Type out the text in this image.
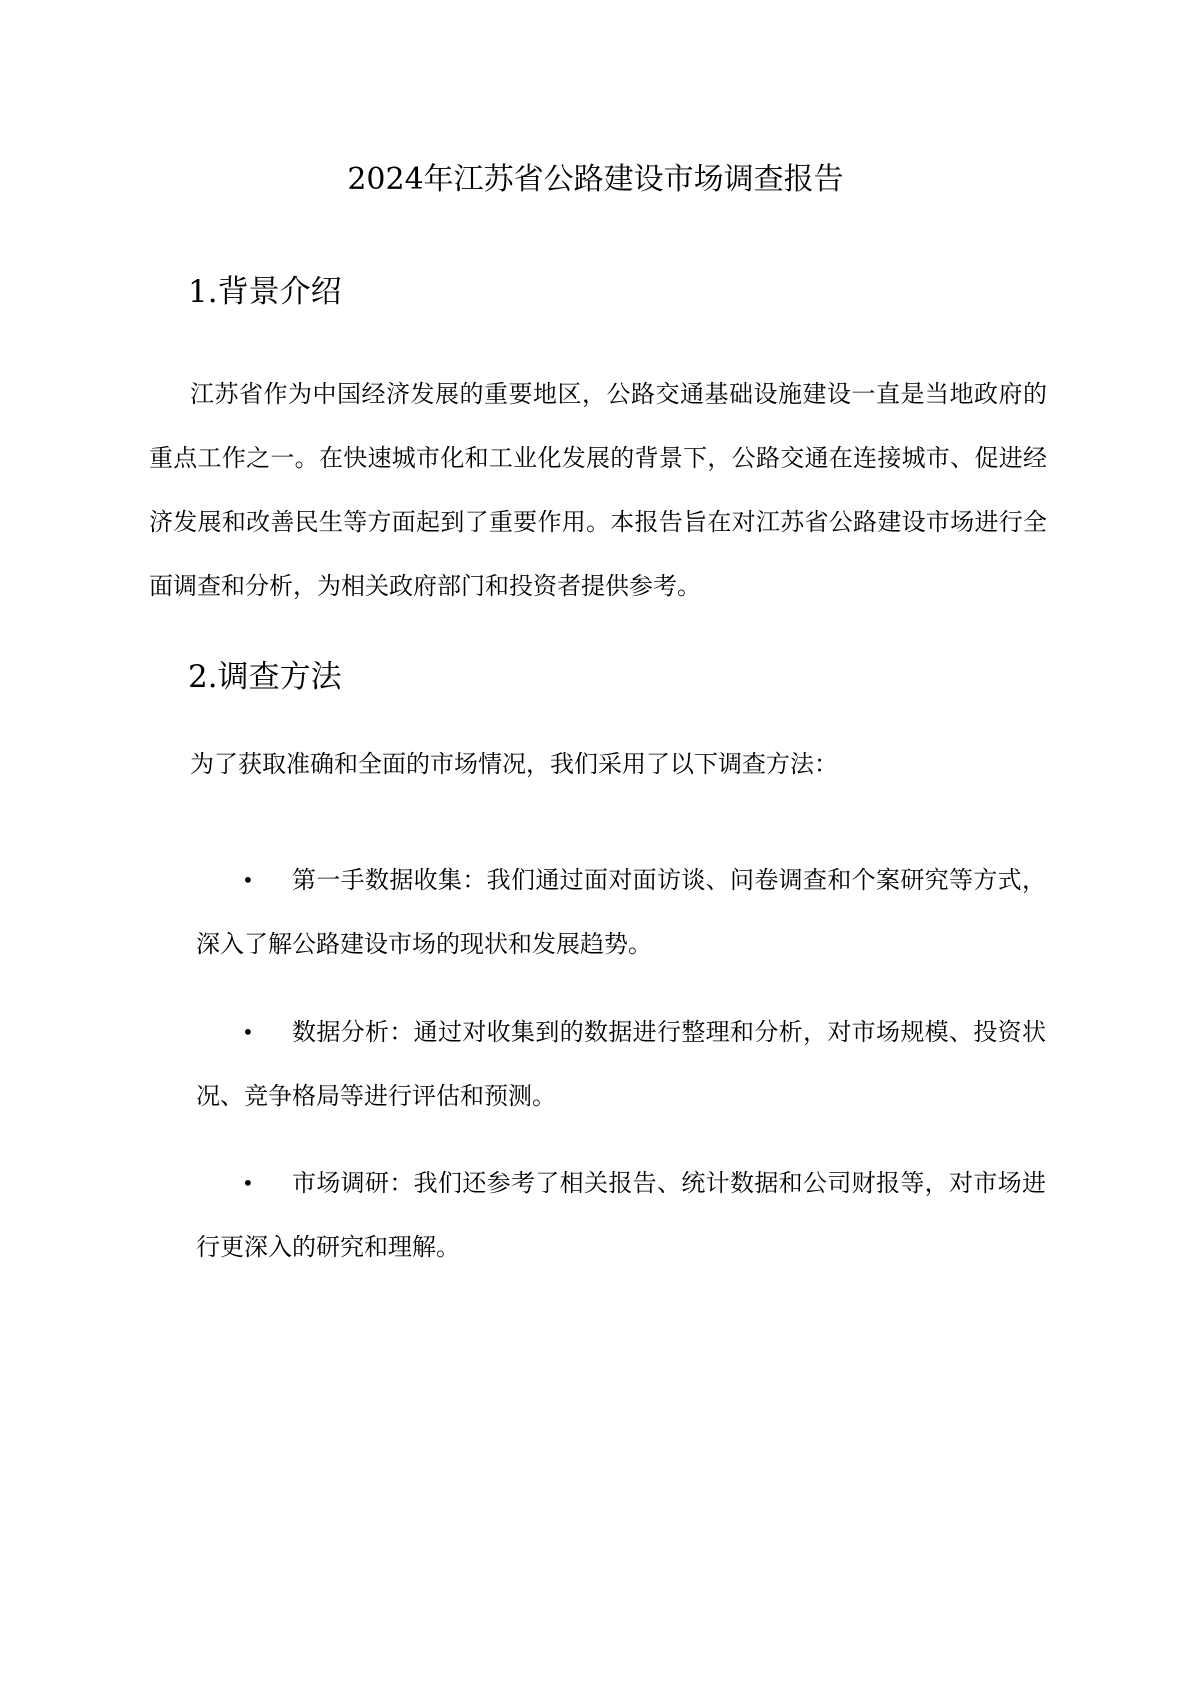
2024年江苏省公路建设市场调查报告
1.背景介绍

江苏省作为中国经济发展的重要地区，公路交通基础设施建设一直是当地政府的重点工作之一。在快速城市化和工业化发展的背景下，公路交通在连接城市、促进经济发展和改善民生等方面起到了重要作用。本报告旨在对江苏省公路建设市场进行全面调查和分析，为相关政府部门和投资者提供参考。

2.调查方法

为了获取准确和全面的市场情况，我们采用了以下调查方法：

•	第一手数据收集：我们通过面对面访谈、问卷调查和个案研究等方式，深入了解公路建设市场的现状和发展趋势。
•	数据分析：通过对收集到的数据进行整理和分析，对市场规模、投资状况、竞争格局等进行评估和预测。
•	市场调研：我们还参考了相关报告、统计数据和公司财报等，对市场进行更深入的研究和理解。
